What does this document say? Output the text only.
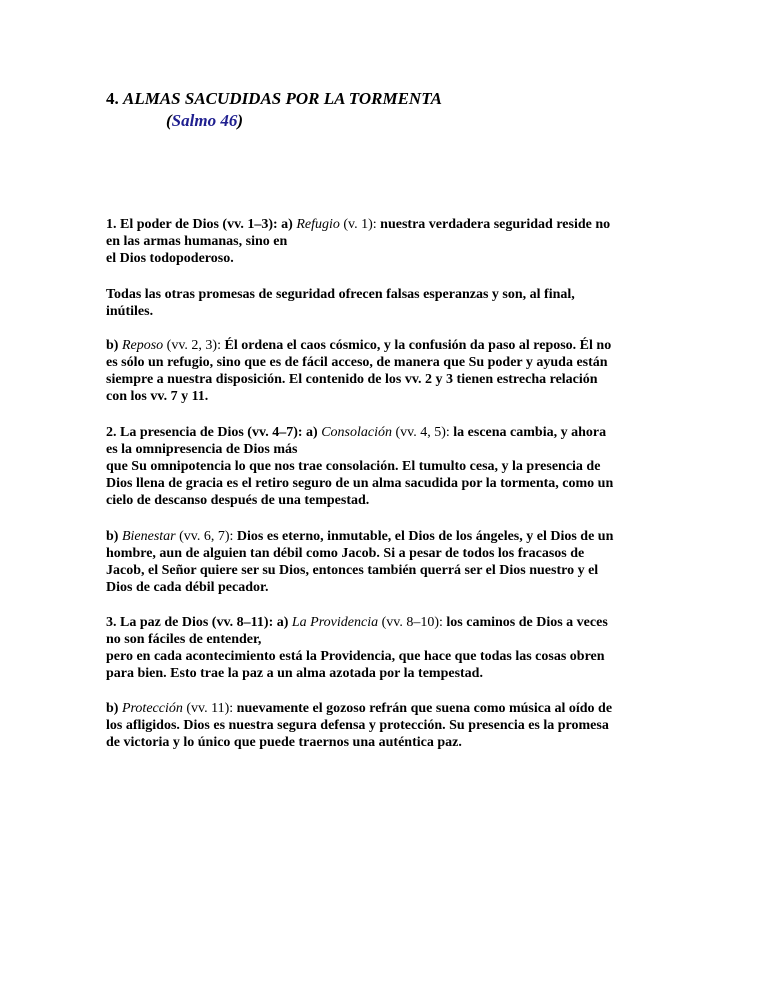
4. ALMAS SACUDIDAS POR LA TORMENTA
(Salmo 46)
1. El poder de Dios (vv. 1–3): a) Refugio (v. 1): nuestra verdadera seguridad reside no
en las armas humanas, sino en
el Dios todopoderoso.
Todas las otras promesas de seguridad ofrecen falsas esperanzas y son, al final,
inútiles.
b) Reposo (vv. 2, 3): Él ordena el caos cósmico, y la confusión da paso al reposo. Él no
es sólo un refugio, sino que es de fácil acceso, de manera que Su poder y ayuda están
siempre a nuestra disposición. El contenido de los vv. 2 y 3 tienen estrecha relación
con los vv. 7 y 11.
2. La presencia de Dios (vv. 4–7): a) Consolación (vv. 4, 5): la escena cambia, y ahora
es la omnipresencia de Dios más
que Su omnipotencia lo que nos trae consolación. El tumulto cesa, y la presencia de
Dios llena de gracia es el retiro seguro de un alma sacudida por la tormenta, como un
cielo de descanso después de una tempestad.
b) Bienestar (vv. 6, 7): Dios es eterno, inmutable, el Dios de los ángeles, y el Dios de un
hombre, aun de alguien tan débil como Jacob. Si a pesar de todos los fracasos de
Jacob, el Señor quiere ser su Dios, entonces también querrá ser el Dios nuestro y el
Dios de cada débil pecador.
3. La paz de Dios (vv. 8–11): a) La Providencia (vv. 8–10): los caminos de Dios a veces
no son fáciles de entender,
pero en cada acontecimiento está la Providencia, que hace que todas las cosas obren
para bien. Esto trae la paz a un alma azotada por la tempestad.
b) Protección (vv. 11): nuevamente el gozoso refrán que suena como música al oído de
los afligidos. Dios es nuestra segura defensa y protección. Su presencia es la promesa
de victoria y lo único que puede traernos una auténtica paz.
